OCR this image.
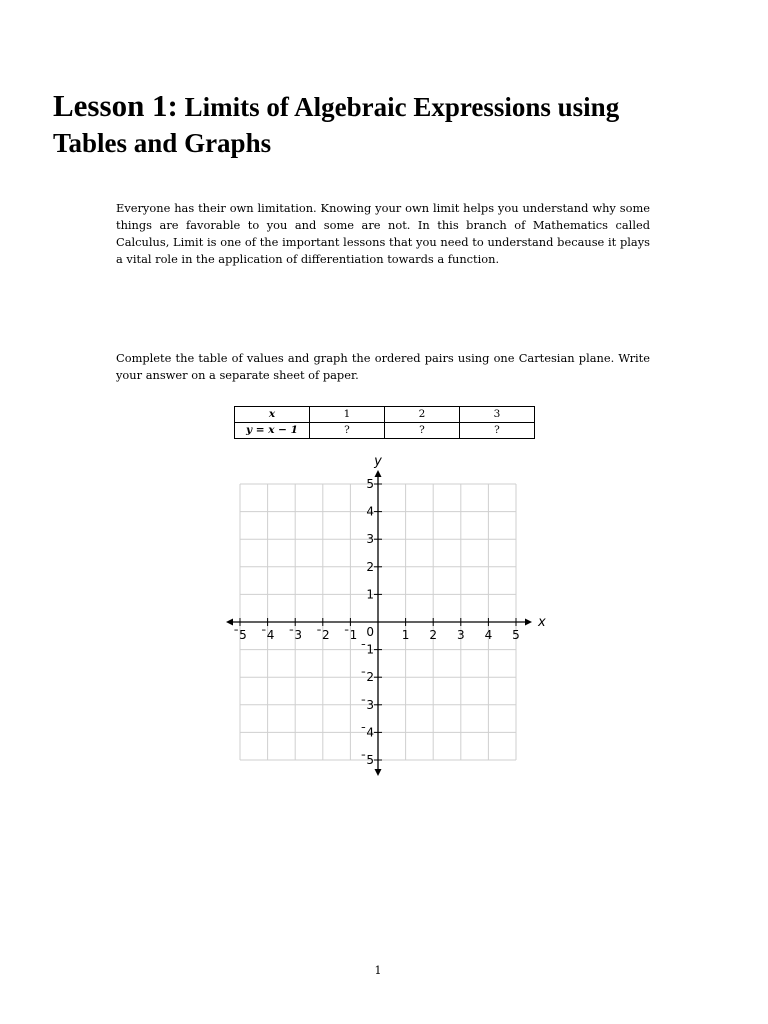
Lesson 1: Limits of Algebraic Expressions using Tables and Graphs

Everyone has their own limitation. Knowing your own limit helps you understand why some things are favorable to you and some are not. In this branch of Mathematics called Calculus, Limit is one of the important lessons that you need to understand because it plays a vital role in the application of differentiation towards a function.

Complete the table of values and graph the ordered pairs using one Cartesian plane. Write your answer on a separate sheet of paper.

x	1	2	3
y = x − 1	?	?	?
ˉ5 ˉ4 ˉ3 ˉ2 ˉ1	1 2 3 4 5
5
4
3
2
1
ˉ1
ˉ2
ˉ3
ˉ4
ˉ5
0
x
y
1
